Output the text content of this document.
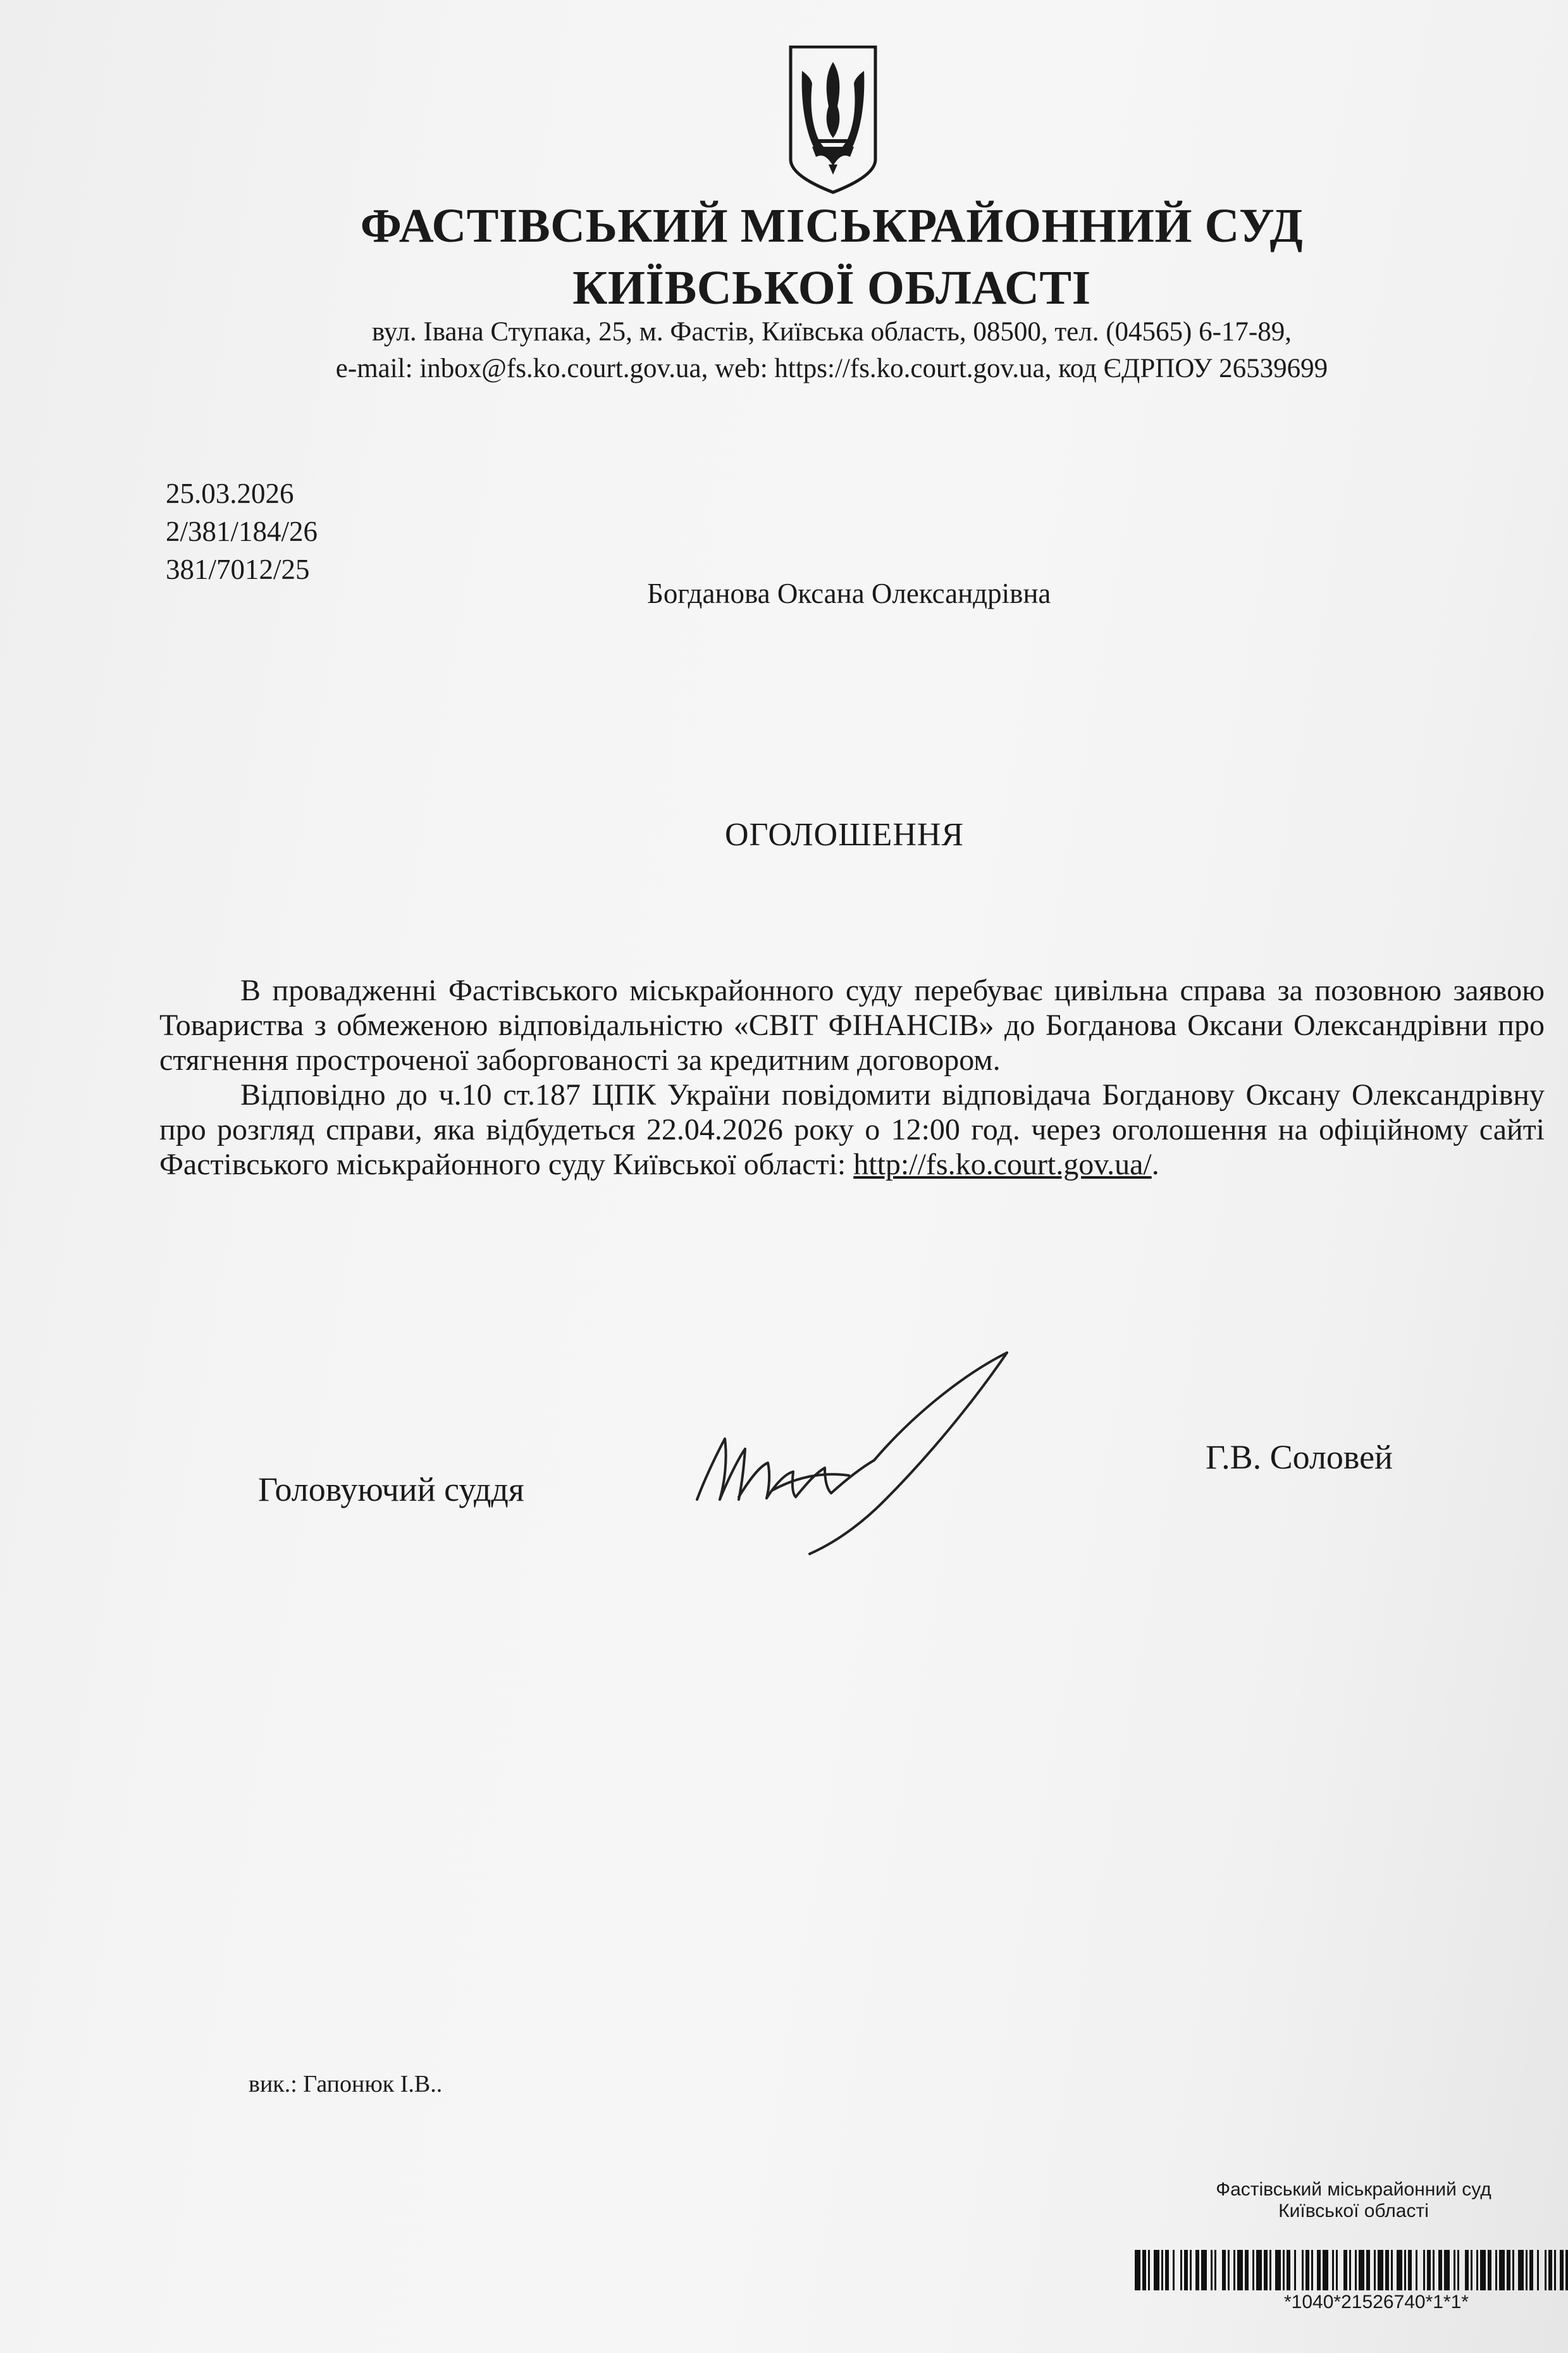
ФАСТІВСЬКИЙ МІСЬКРАЙОННИЙ СУД
КИЇВСЬКОЇ ОБЛАСТІ
вул. Івана Ступака, 25, м. Фастів, Київська область, 08500, тел. (04565) 6-17-89,
e-mail: inbox@fs.ko.court.gov.ua, web: https://fs.ko.court.gov.ua, код ЄДРПОУ 26539699
25.03.2026
2/381/184/26
381/7012/25
Богданова Оксана Олександрівна
ОГОЛОШЕННЯ

В провадженні Фастівського міськрайонного суду перебуває цивільна справа за позовною заявою Товариства з обмеженою відповідальністю «СВІТ ФІНАНСІВ» до Богданова Оксани Олександрівни про стягнення простроченої заборгованості за кредитним договором.

Відповідно до ч.10 ст.187 ЦПК України повідомити відповідача Богданову Оксану Олександрівну про розгляд справи, яка відбудеться 22.04.2026 року о 12:00 год. через оголошення на офіційному сайті Фастівського міськрайонного суду Київської області: http://fs.ko.court.gov.ua/.

Головуючий суддя
Г.В. Соловей
вик.: Гапонюк І.В..
Фастівський міськрайонний суд
Київської області
*1040*21526740*1*1*
